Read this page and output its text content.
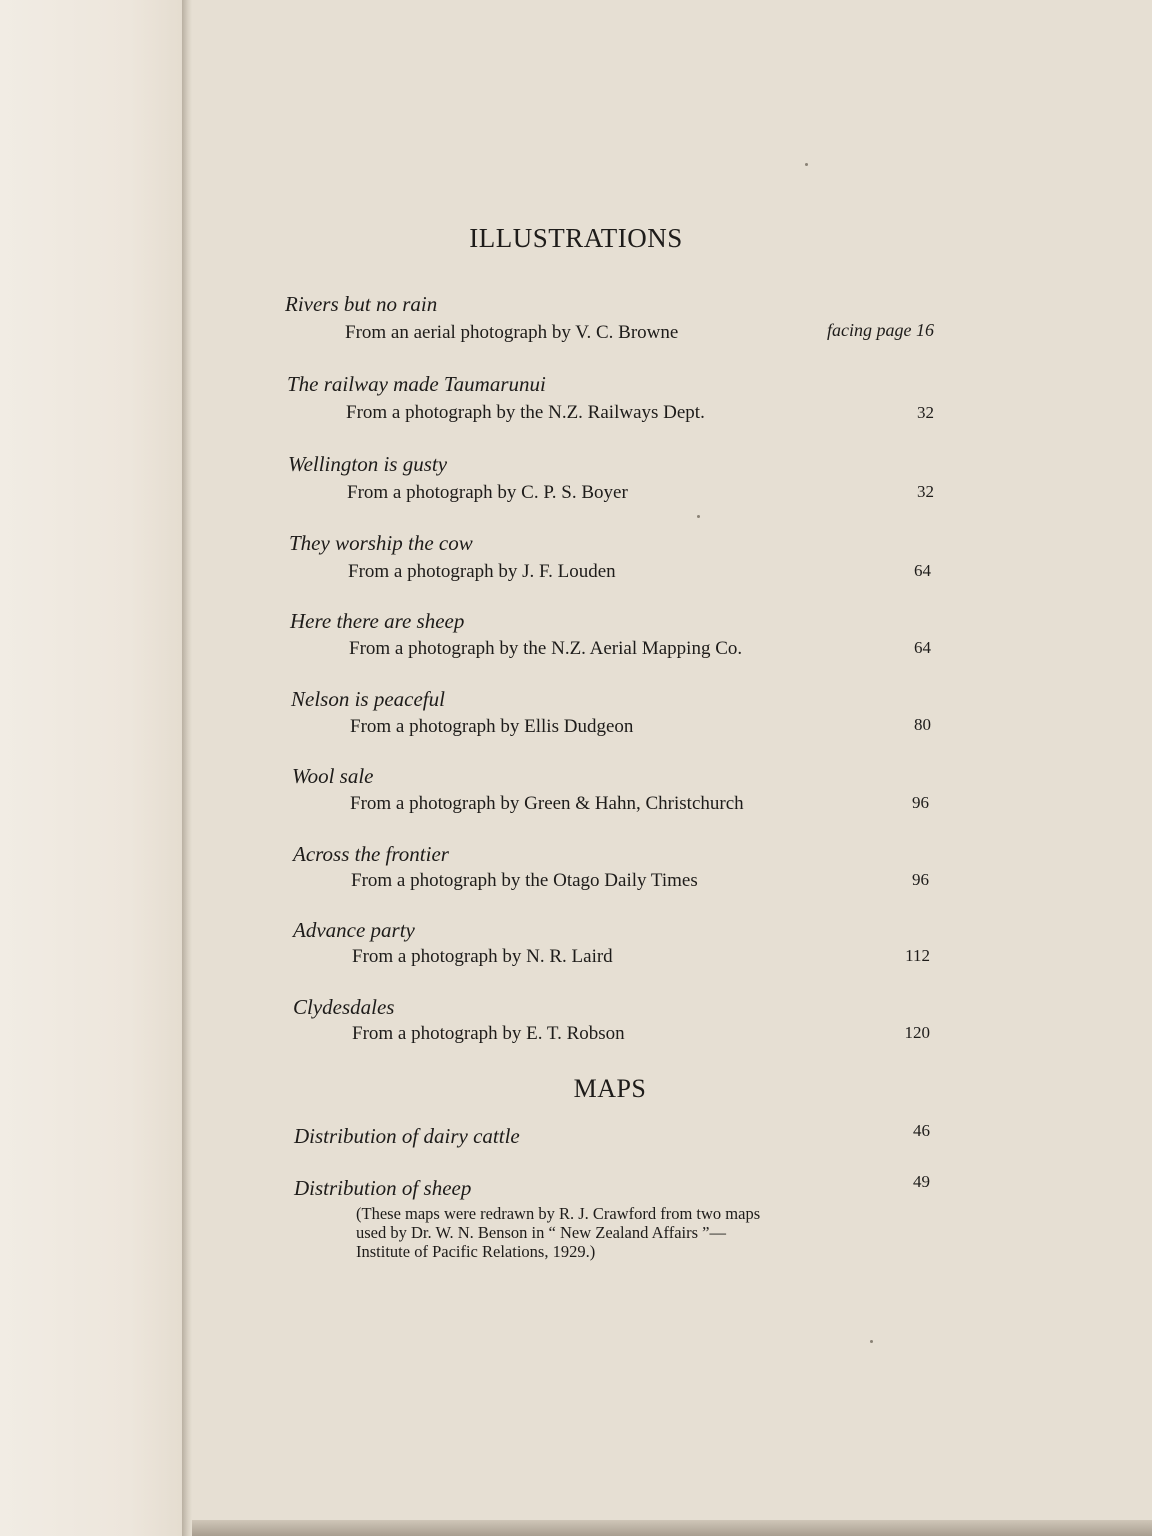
ILLUSTRATIONS
Rivers but no rain
From an aerial photograph by V. C. Browne	facing page 16
The railway made Taumarunui
From a photograph by the N.Z. Railways Dept.	32
Wellington is gusty
From a photograph by C. P. S. Boyer	32
They worship the cow
From a photograph by J. F. Louden	64
Here there are sheep
From a photograph by the N.Z. Aerial Mapping Co.	64
Nelson is peaceful
From a photograph by Ellis Dudgeon	80
Wool sale
From a photograph by Green & Hahn, Christchurch	96
Across the frontier
From a photograph by the Otago Daily Times	96
Advance party
From a photograph by N. R. Laird	112
Clydesdales
From a photograph by E. T. Robson	120
MAPS
Distribution of dairy cattle	46
Distribution of sheep	49
(These maps were redrawn by R. J. Crawford from two maps
used by Dr. W. N. Benson in “ New Zealand Affairs ”—
Institute of Pacific Relations, 1929.)
